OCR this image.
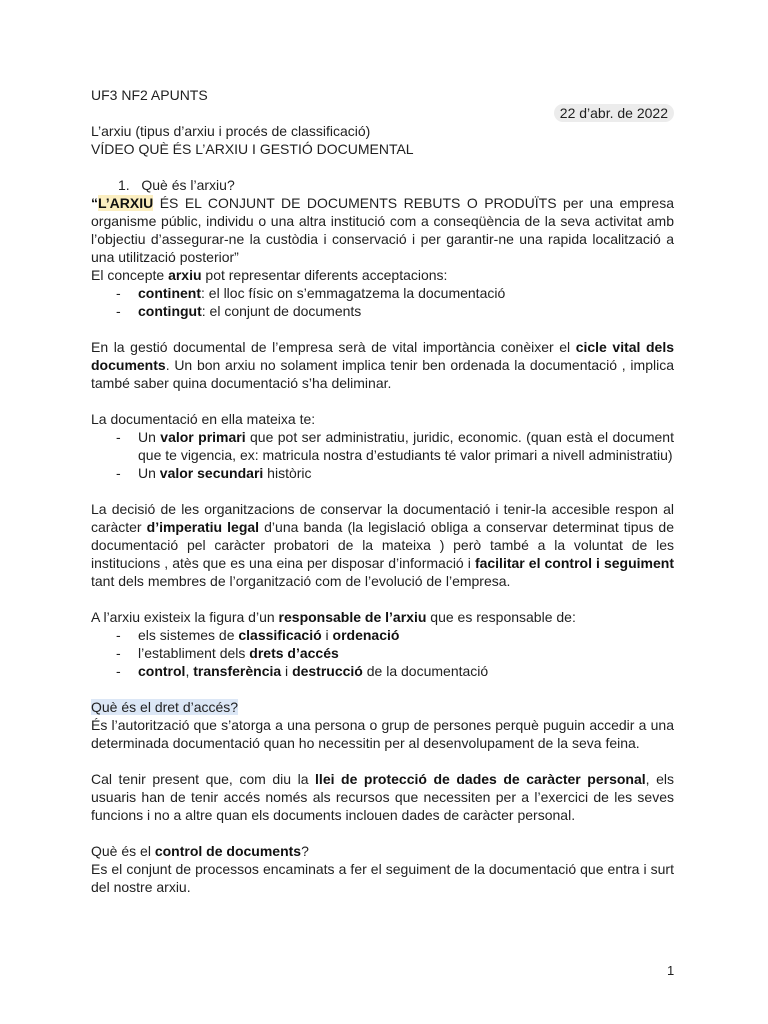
UF3 NF2 APUNTS
22 d’abr. de 2022
L’arxiu (tipus d’arxiu i procés de classificació)
VÍDEO QUÈ ÉS L’ARXIU I GESTIÓ DOCUMENTAL
1. Què és l’arxiu?
“L’ARXIU ÉS EL CONJUNT DE DOCUMENTS REBUTS O PRODUÏTS per una empresa organisme públic, individu o una altra institució com a conseqüència de la seva activitat amb l’objectiu d’assegurar-ne la custòdia i conservació i per garantir-ne una rapida localització a una utilització posterior”
El concepte arxiu pot representar diferents acceptacions:
- continent: el lloc físic on s’emmagatzema la documentació
- contingut: el conjunt de documents
En la gestió documental de l’empresa serà de vital importància conèixer el cicle vital dels documents. Un bon arxiu no solament implica tenir ben ordenada la documentació , implica també saber quina documentació s’ha deliminar.
La documentació en ella mateixa te:
- Un valor primari que pot ser administratiu, juridic, economic. (quan està el document que te vigencia, ex: matricula nostra d’estudiants té valor primari a nivell administratiu)
- Un valor secundari històric
La decisió de les organitzacions de conservar la documentació i tenir-la accesible respon al caràcter d’imperatiu legal d’una banda (la legislació obliga a conservar determinat tipus de documentació pel caràcter probatori de la mateixa ) però també a la voluntat de les institucions , atès que es una eina per disposar d’informació i facilitar el control i seguiment tant dels membres de l’organització com de l’evolució de l’empresa.
A l’arxiu existeix la figura d’un responsable de l’arxiu que es responsable de:
- els sistemes de classificació i ordenació
- l’establiment dels drets d’accés
- control, transferència i destrucció de la documentació
Què és el dret d’accés?
És l’autorització que s’atorga a una persona o grup de persones perquè puguin accedir a una determinada documentació quan ho necessitin per al desenvolupament de la seva feina.
Cal tenir present que, com diu la llei de protecció de dades de caràcter personal, els usuaris han de tenir accés només als recursos que necessiten per a l’exercici de les seves funcions i no a altre quan els documents inclouen dades de caràcter personal.
Què és el control de documents?
Es el conjunt de processos encaminats a fer el seguiment de la documentació que entra i surt del nostre arxiu.
1
